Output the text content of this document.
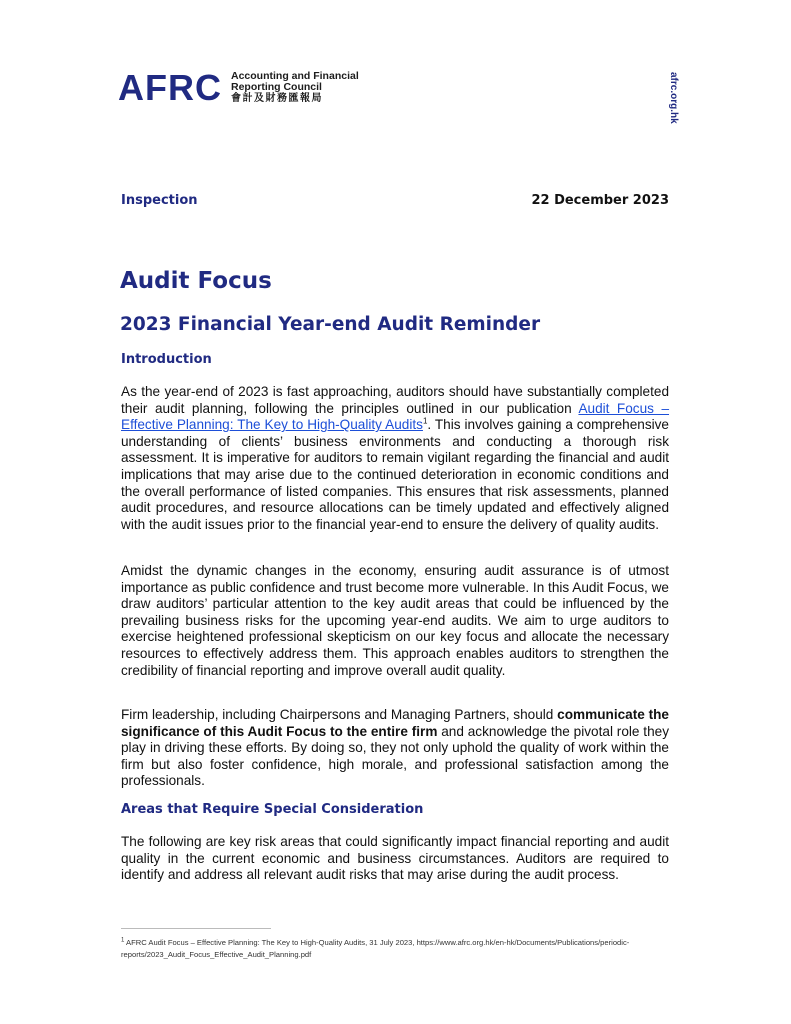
AFRC Accounting and Financial
Reporting Council
會計及財務匯報局	afrc.org.hk
Inspection	22 December 2023
Audit Focus
2023 Financial Year-end Audit Reminder
Introduction

As the year-end of 2023 is fast approaching, auditors should have substantially completed their audit planning, following the principles outlined in our publication Audit Focus – Effective Planning: The Key to High-Quality Audits$^1$. This involves gaining a comprehensive understanding of clients’ business environments and conducting a thorough risk assessment. It is imperative for auditors to remain vigilant regarding the financial and audit implications that may arise due to the continued deterioration in economic conditions and the overall performance of listed companies. This ensures that risk assessments, planned audit procedures, and resource allocations can be timely updated and effectively aligned with the audit issues prior to the financial year-end to ensure the delivery of quality audits.

Amidst the dynamic changes in the economy, ensuring audit assurance is of utmost importance as public confidence and trust become more vulnerable. In this Audit Focus, we draw auditors’ particular attention to the key audit areas that could be influenced by the prevailing business risks for the upcoming year-end audits. We aim to urge auditors to exercise heightened professional skepticism on our key focus and allocate the necessary resources to effectively address them. This approach enables auditors to strengthen the credibility of financial reporting and improve overall audit quality.

Firm leadership, including Chairpersons and Managing Partners, should communicate the significance of this Audit Focus to the entire firm and acknowledge the pivotal role they play in driving these efforts. By doing so, they not only uphold the quality of work within the firm but also foster confidence, high morale, and professional satisfaction among the professionals.

Areas that Require Special Consideration

The following are key risk areas that could significantly impact financial reporting and audit quality in the current economic and business circumstances. Auditors are required to identify and address all relevant audit risks that may arise during the audit process.

$^1$ AFRC Audit Focus – Effective Planning: The Key to High-Quality Audits, 31 July 2023, https://www.afrc.org.hk/en-hk/Documents/Publications/periodic-reports/2023_Audit_Focus_Effective_Audit_Planning.pdf
